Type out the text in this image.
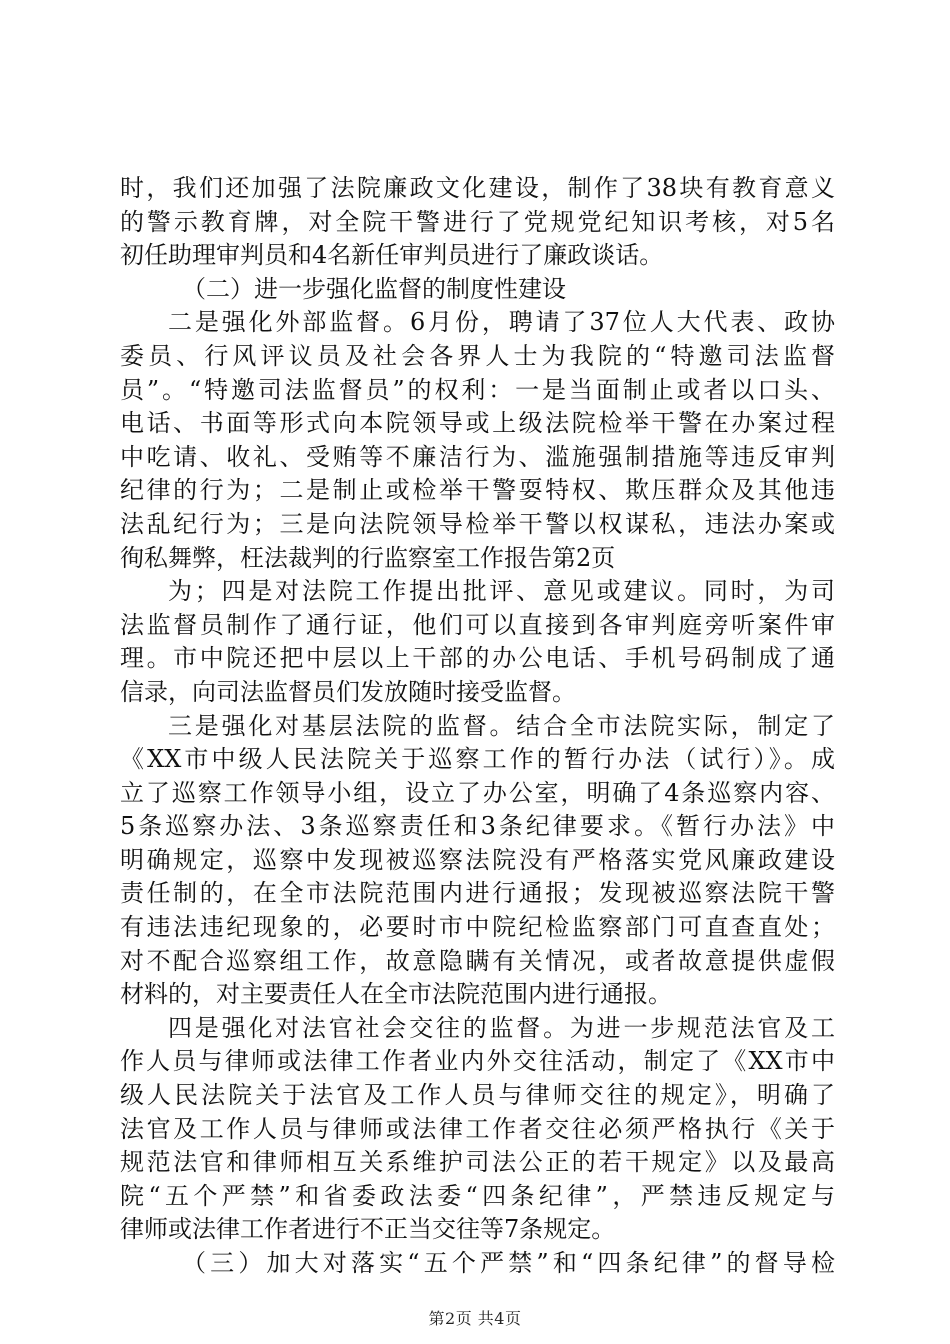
时，我们还加强了法院廉政文化建设，制作了38块有教育意义
的警示教育牌，对全院干警进行了党规党纪知识考核，对5名
初任助理审判员和4名新任审判员进行了廉政谈话。
（二）进一步强化监督的制度性建设
二是强化外部监督。6月份，聘请了37位人大代表、政协
委员、行风评议员及社会各界人士为我院的“特邀司法监督
员”。“特邀司法监督员”的权利：一是当面制止或者以口头、
电话、书面等形式向本院领导或上级法院检举干警在办案过程
中吃请、收礼、受贿等不廉洁行为、滥施强制措施等违反审判
纪律的行为；二是制止或检举干警耍特权、欺压群众及其他违
法乱纪行为；三是向法院领导检举干警以权谋私，违法办案或
徇私舞弊，枉法裁判的行监察室工作报告第2页
为；四是对法院工作提出批评、意见或建议。同时，为司
法监督员制作了通行证，他们可以直接到各审判庭旁听案件审
理。市中院还把中层以上干部的办公电话、手机号码制成了通
信录，向司法监督员们发放随时接受监督。
三是强化对基层法院的监督。结合全市法院实际，制定了
《XX市中级人民法院关于巡察工作的暂行办法（试行）》。成
立了巡察工作领导小组，设立了办公室，明确了4条巡察内容、
5条巡察办法、3条巡察责任和3条纪律要求。《暂行办法》中
明确规定，巡察中发现被巡察法院没有严格落实党风廉政建设
责任制的，在全市法院范围内进行通报；发现被巡察法院干警
有违法违纪现象的，必要时市中院纪检监察部门可直查直处；
对不配合巡察组工作，故意隐瞒有关情况，或者故意提供虚假
材料的，对主要责任人在全市法院范围内进行通报。
四是强化对法官社会交往的监督。为进一步规范法官及工
作人员与律师或法律工作者业内外交往活动，制定了《XX市中
级人民法院关于法官及工作人员与律师交往的规定》，明确了
法官及工作人员与律师或法律工作者交往必须严格执行《关于
规范法官和律师相互关系维护司法公正的若干规定》以及最高
院“五个严禁”和省委政法委“四条纪律”，严禁违反规定与
律师或法律工作者进行不正当交往等7条规定。
（三）加大对落实“五个严禁”和“四条纪律”的督导检
第2页 共4页
